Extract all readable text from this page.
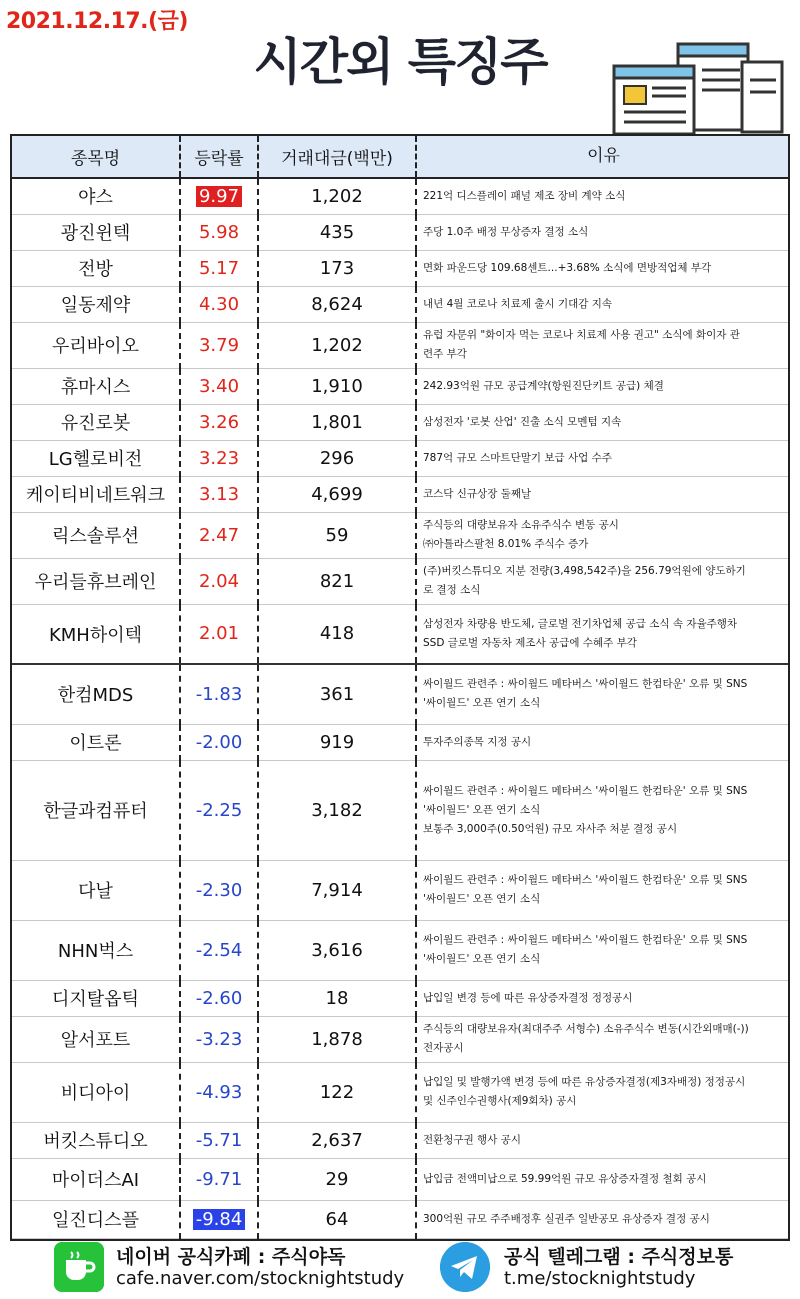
2021.12.17.(금)
시간외 특징주
종목명	등락률	거래대금(백만)	이유
야스	9.97	1,202	221억 디스플레이 패널 제조 장비 계약 소식

광진윈텍	5.98	435	주당 1.0주 배정 무상증자 결정 소식

전방	5.17	173	면화 파운드당 109.68센트...+3.68% 소식에 면방적업체 부각

일동제약	4.30	8,624	내년 4월 코로나 치료제 출시 기대감 지속

우리바이오	3.79	1,202	유럽 자문위 "화이자 먹는 코로나 치료제 사용 권고" 소식에 화이자 관
련주 부각

휴마시스	3.40	1,910	242.93억원 규모 공급계약(항원진단키트 공급) 체결

유진로봇	3.26	1,801	삼성전자 '로봇 산업' 진출 소식 모멘텀 지속

LG헬로비전	3.23	296	787억 규모 스마트단말기 보급 사업 수주

케이티비네트워크	3.13	4,699	코스닥 신규상장 둘째날

릭스솔루션	2.47	59	주식등의 대량보유자 소유주식수 변동 공시
㈜아틀라스팔천 8.01% 주식수 증가

우리들휴브레인	2.04	821	(주)버킷스튜디오 지분 전량(3,498,542주)을 256.79억원에 양도하기
로 결정 소식

KMH하이텍	2.01	418	삼성전자 차량용 반도체, 글로벌 전기차업체 공급 소식 속 자율주행차
SSD 글로벌 자동차 제조사 공급에 수혜주 부각

한컴MDS	-1.83	361	싸이월드 관련주 : 싸이월드 메타버스 '싸이월드 한컴타운' 오류 및 SNS
'싸이월드' 오픈 연기 소식

이트론	-2.00	919	투자주의종목 지정 공시

한글과컴퓨터	-2.25	3,182	싸이월드 관련주 : 싸이월드 메타버스 '싸이월드 한컴타운' 오류 및 SNS
'싸이월드' 오픈 연기 소식
보통주 3,000주(0.50억원) 규모 자사주 처분 결정 공시

다날	-2.30	7,914	싸이월드 관련주 : 싸이월드 메타버스 '싸이월드 한컴타운' 오류 및 SNS
'싸이월드' 오픈 연기 소식

NHN벅스	-2.54	3,616	싸이월드 관련주 : 싸이월드 메타버스 '싸이월드 한컴타운' 오류 및 SNS
'싸이월드' 오픈 연기 소식

디지탈옵틱	-2.60	18	납입일 변경 등에 따른 유상증자결정 정정공시

알서포트	-3.23	1,878	주식등의 대량보유자(최대주주 서형수) 소유주식수 변동(시간외매매(-))
전자공시

비디아이	-4.93	122	납입일 및 발행가액 변경 등에 따른 유상증자결정(제3자배정) 정정공시
및 신주인수권행사(제9회차) 공시

버킷스튜디오	-5.71	2,637	전환청구권 행사 공시

마이더스AI	-9.71	29	납입금 전액미납으로 59.99억원 규모 유상증자결정 철회 공시

일진디스플	-9.84	64	300억원 규모 주주배정후 실권주 일반공모 유상증자 결정 공시
네이버 공식카페 : 주식야독
cafe.naver.com/stocknightstudy
공식 텔레그램 : 주식정보통
t.me/stocknightstudy
